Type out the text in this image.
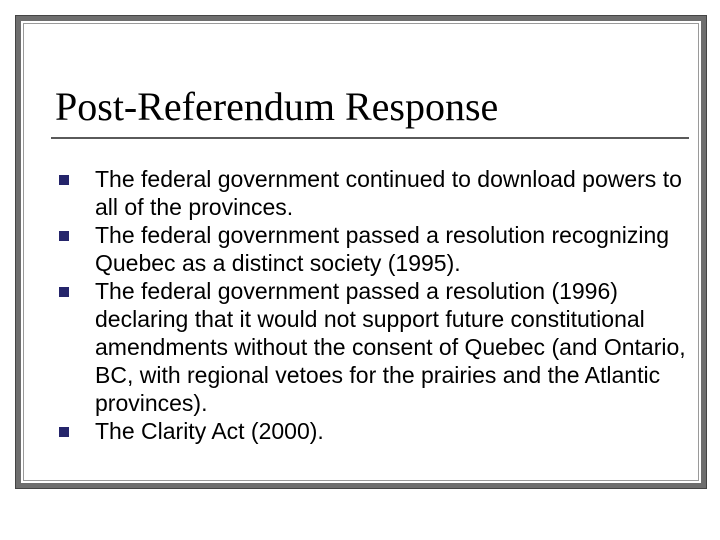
Post-Referendum Response
The federal government continued to download powers to all of the provinces.
The federal government passed a resolution recognizing Quebec as a distinct society (1995).
The federal government passed a resolution (1996) declaring that it would not support future constitutional amendments without the consent of Quebec (and Ontario, BC, with regional vetoes for the prairies and the Atlantic provinces).
The Clarity Act (2000).
